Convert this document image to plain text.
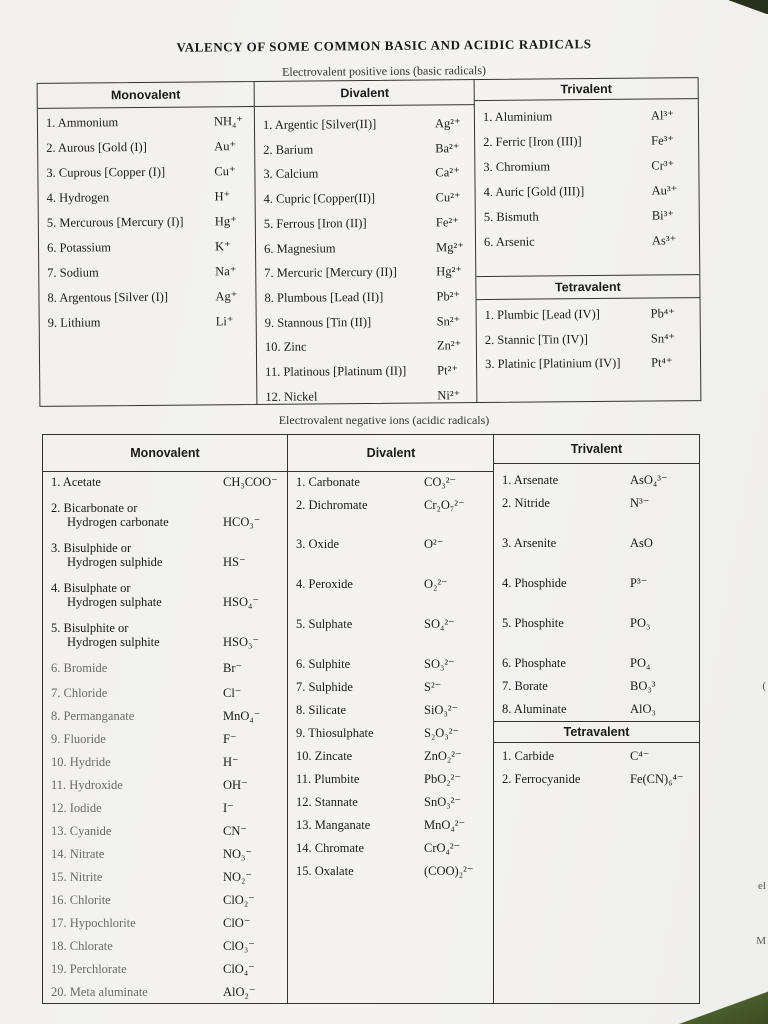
VALENCY OF SOME COMMON BASIC AND ACIDIC RADICALS
Electrovalent positive ions (basic radicals)
Monovalent
1. Ammonium	NH₄⁺
2. Aurous [Gold (I)]	Au⁺
3. Cuprous [Copper (I)]	Cu⁺
4. Hydrogen	H⁺
5. Mercurous [Mercury (I)] Hg⁺
6. Potassium	K⁺
7. Sodium	Na⁺
8. Argentous [Silver (I)]	Ag⁺
9. Lithium	Li⁺
Divalent
1. Argentic [Silver(II)]	Ag²⁺
2. Barium	Ba²⁺
3. Calcium	Ca²⁺
4. Cupric [Copper(II)]	Cu²⁺
5. Ferrous [Iron (II)]	Fe²⁺
6. Magnesium	Mg²⁺
7. Mercuric [Mercury (II)]	Hg²⁺
8. Plumbous [Lead (II)]	Pb²⁺
9. Stannous [Tin (II)]	Sn²⁺
10. Zinc	Zn²⁺
11. Platinous [Platinum (II)] Pt²⁺
12. Nickel	Ni²⁺
Trivalent
1. Aluminium	Al³⁺
2. Ferric [Iron (III)]	Fe³⁺
3. Chromium	Cr³⁺
4. Auric [Gold (III)]	Au³⁺
5. Bismuth	Bi³⁺
6. Arsenic	As³⁺
Tetravalent
1. Plumbic [Lead (IV)]	Pb⁴⁺
2. Stannic [Tin (IV)]	Sn⁴⁺
3. Platinic [Platinium (IV)] Pt⁴⁺
Electrovalent negative ions (acidic radicals)
Monovalent
1. Acetate	CH₃COO⁻
2. Bicarbonate or
Hydrogen carbonate	HCO₃⁻
3. Bisulphide or
Hydrogen sulphide	HS⁻
4. Bisulphate or
Hydrogen sulphate	HSO₄⁻
5. Bisulphite or
Hydrogen sulphite	HSO₃⁻
6. Bromide	Br⁻
7. Chloride	Cl⁻
8. Permanganate	MnO₄⁻
9. Fluoride	F⁻
10. Hydride	H⁻
11. Hydroxide	OH⁻
12. Iodide	I⁻
13. Cyanide	CN⁻
14. Nitrate	NO₃⁻
15. Nitrite	NO₂⁻
16. Chlorite	ClO₂⁻
17. Hypochlorite	ClO⁻
18. Chlorate	ClO₃⁻
19. Perchlorate	ClO₄⁻
20. Meta aluminate	AlO₂⁻
Divalent
1. Carbonate	CO₃²⁻
2. Dichromate	Cr₂O₇²⁻
3. Oxide	O²⁻
4. Peroxide	O₂²⁻
5. Sulphate	SO₄²⁻
6. Sulphite	SO₃²⁻
7. Sulphide	S²⁻
8. Silicate	SiO₃²⁻
9. Thiosulphate	S₂O₃²⁻
10. Zincate	ZnO₂²⁻
11. Plumbite	PbO₂²⁻
12. Stannate	SnO₃²⁻
13. Manganate	MnO₄²⁻
14. Chromate	CrO₄²⁻
15. Oxalate	(COO)₂²⁻
Trivalent
1. Arsenate	AsO₄³⁻
2. Nitride	N³⁻
3. Arsenite	AsO
4. Phosphide	P³⁻
5. Phosphite	PO₃
6. Phosphate	PO₄
7. Borate	BO₃³
8. Aluminate	AlO₃
Tetravalent
1. Carbide	C⁴⁻
2. Ferrocyanide	Fe(CN)₆⁴⁻
(
el
M
